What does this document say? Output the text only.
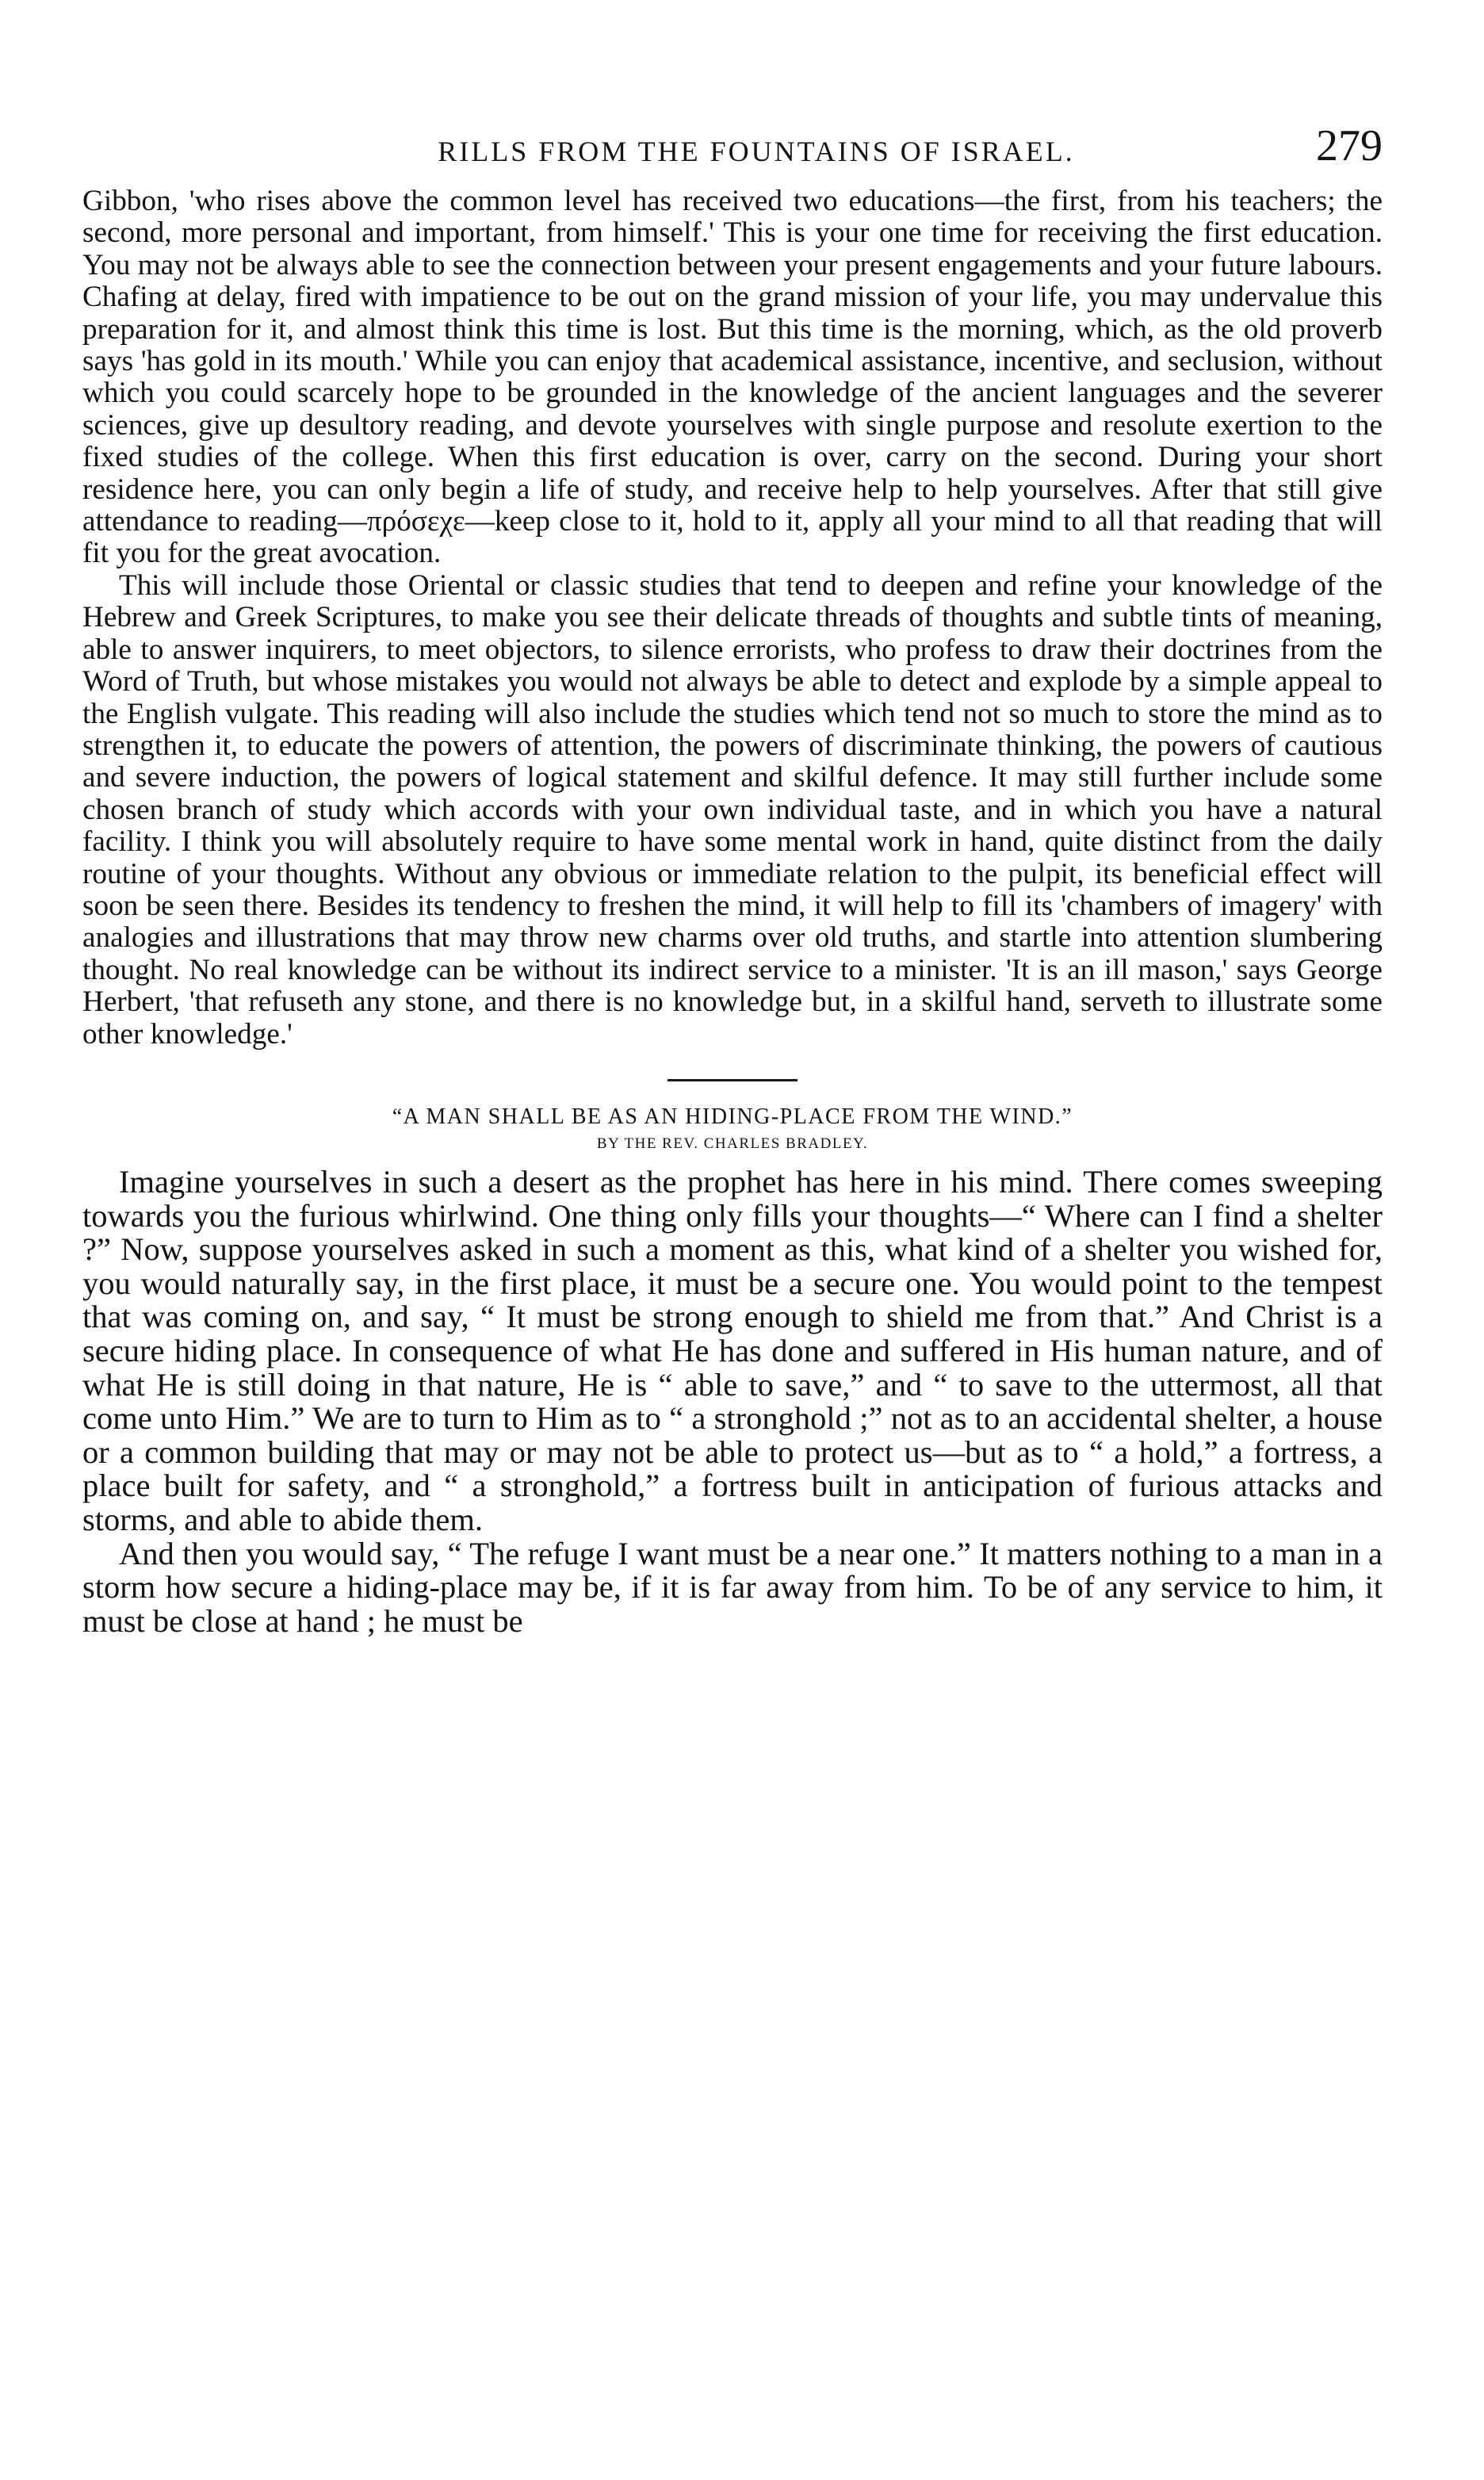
RILLS FROM THE FOUNTAINS OF ISRAEL.	279

Gibbon, 'who rises above the common level has received two educations—the first, from his teachers; the second, more personal and important, from himself.' This is your one time for receiving the first education. You may not be always able to see the connection between your present engagements and your future labours. Chafing at delay, fired with impatience to be out on the grand mission of your life, you may undervalue this preparation for it, and almost think this time is lost. But this time is the morning, which, as the old proverb says 'has gold in its mouth.' While you can enjoy that academical assistance, incentive, and seclusion, without which you could scarcely hope to be grounded in the knowledge of the ancient languages and the severer sciences, give up desultory reading, and devote yourselves with single purpose and resolute exertion to the fixed studies of the college. When this first education is over, carry on the second. During your short residence here, you can only begin a life of study, and receive help to help yourselves. After that still give attendance to reading—πρόσεχε—keep close to it, hold to it, apply all your mind to all that reading that will fit you for the great avocation.

This will include those Oriental or classic studies that tend to deepen and refine your knowledge of the Hebrew and Greek Scriptures, to make you see their delicate threads of thoughts and subtle tints of meaning, able to answer inquirers, to meet objectors, to silence errorists, who profess to draw their doctrines from the Word of Truth, but whose mistakes you would not always be able to detect and explode by a simple appeal to the English vulgate. This reading will also include the studies which tend not so much to store the mind as to strengthen it, to educate the powers of attention, the powers of discriminate thinking, the powers of cautious and severe induction, the powers of logical statement and skilful defence. It may still further include some chosen branch of study which accords with your own individual taste, and in which you have a natural facility. I think you will absolutely require to have some mental work in hand, quite distinct from the daily routine of your thoughts. Without any obvious or immediate relation to the pulpit, its beneficial effect will soon be seen there. Besides its tendency to freshen the mind, it will help to fill its 'chambers of imagery' with analogies and illustrations that may throw new charms over old truths, and startle into attention slumbering thought. No real knowledge can be without its indirect service to a minister. 'It is an ill mason,' says George Herbert, 'that refuseth any stone, and there is no knowledge but, in a skilful hand, serveth to illustrate some other knowledge.'

“A MAN SHALL BE AS AN HIDING-PLACE FROM THE WIND.”
BY THE REV. CHARLES BRADLEY.

Imagine yourselves in such a desert as the prophet has here in his mind. There comes sweeping towards you the furious whirlwind. One thing only fills your thoughts—“ Where can I find a shelter ?” Now, suppose yourselves asked in such a moment as this, what kind of a shelter you wished for, you would naturally say, in the first place, it must be a secure one. You would point to the tempest that was coming on, and say, “ It must be strong enough to shield me from that.” And Christ is a secure hiding place. In consequence of what He has done and suffered in His human nature, and of what He is still doing in that nature, He is “ able to save,” and “ to save to the uttermost, all that come unto Him.” We are to turn to Him as to “ a stronghold ;” not as to an accidental shelter, a house or a common building that may or may not be able to protect us—but as to “ a hold,” a fortress, a place built for safety, and “ a stronghold,” a fortress built in anticipation of furious attacks and storms, and able to abide them.

And then you would say, “ The refuge I want must be a near one.” It matters nothing to a man in a storm how secure a hiding-place may be, if it is far away from him. To be of any service to him, it must be close at hand ; he must be
